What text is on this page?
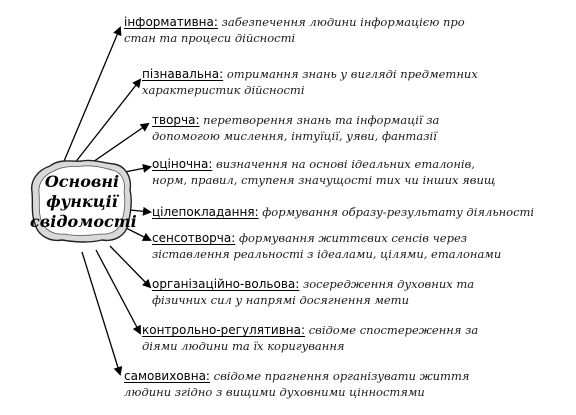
Основні
функції
свідомості
інформативна: забезпечення людини інформацією про
стан та процеси дійсності
пізнавальна: отримання знань у вигляді предметних
характеристик дійсності
творча: перетворення знань та інформації за
допомогою мислення, інтуїції, уяви, фантазії
оціночна: визначення на основі ідеальних еталонів,
норм, правил, ступеня значущості тих чи інших явищ
цілепокладання: формування образу-результату діяльності
сенсотворча: формування життєвих сенсів через
зіставлення реальності з ідеалами, цілями, еталонами
організаційно-вольова: зосередження духовних та
фізичних сил у напрямі досягнення мети
контрольно-регулятивна: свідоме спостереження за
діями людини та їх коригування
самовиховна: свідоме прагнення організувати життя
людини згідно з вищими духовними цінностями
